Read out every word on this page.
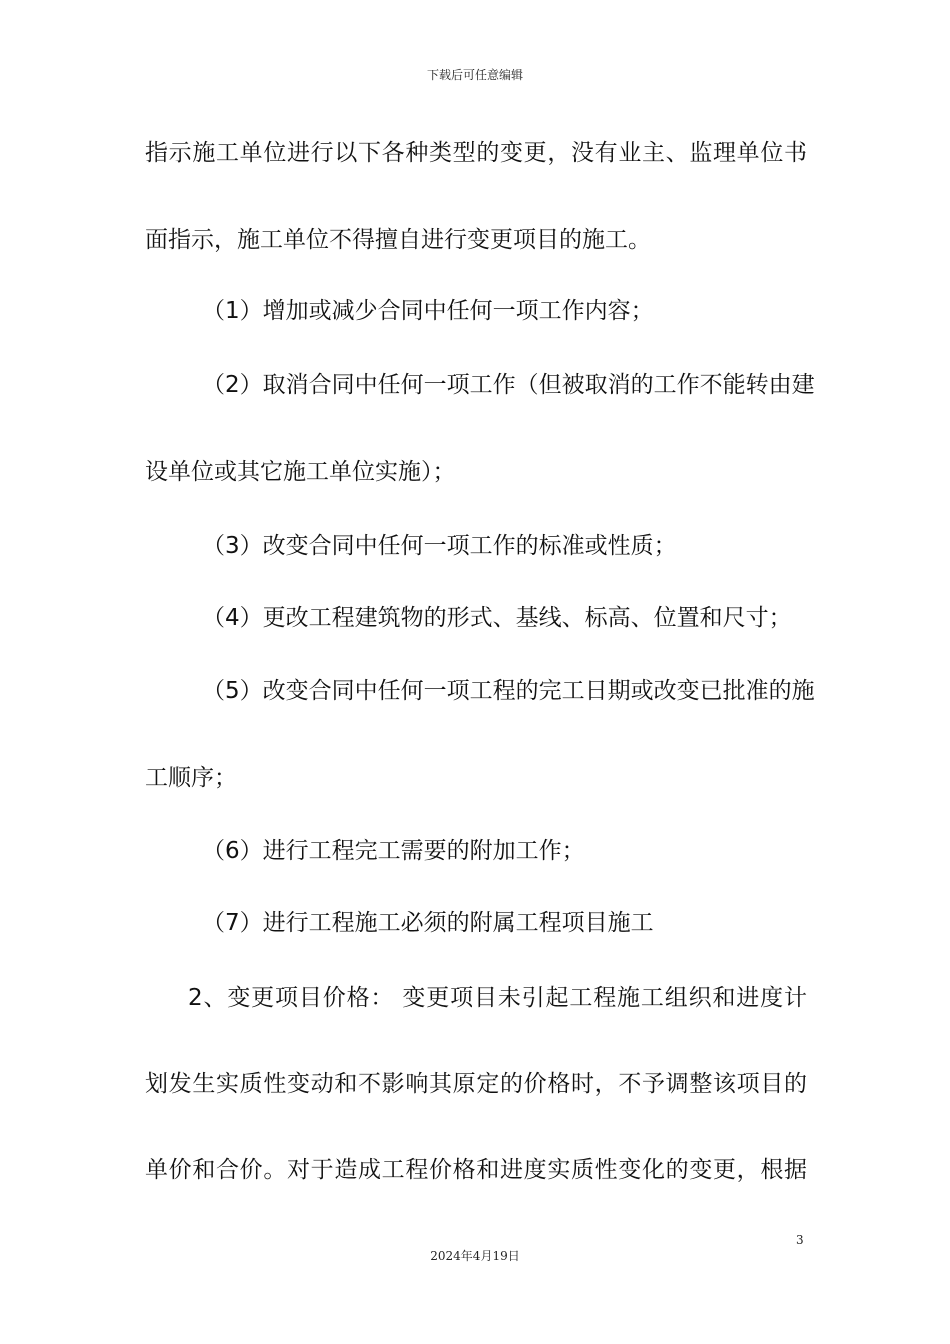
下载后可任意编辑
指示施工单位进行以下各种类型的变更，没有业主、监理单位书
面指示，施工单位不得擅自进行变更项目的施工。
（1）增加或减少合同中任何一项工作内容；
（2）取消合同中任何一项工作（但被取消的工作不能转由建
设单位或其它施工单位实施）；
（3）改变合同中任何一项工作的标准或性质；
（4）更改工程建筑物的形式、基线、标高、位置和尺寸；
（5）改变合同中任何一项工程的完工日期或改变已批准的施
工顺序；
（6）进行工程完工需要的附加工作；
（7）进行工程施工必须的附属工程项目施工
2、变更项目价格： 变更项目未引起工程施工组织和进度计
划发生实质性变动和不影响其原定的价格时，不予调整该项目的
单价和合价。对于造成工程价格和进度实质性变化的变更，根据
3
2024年4月19日
